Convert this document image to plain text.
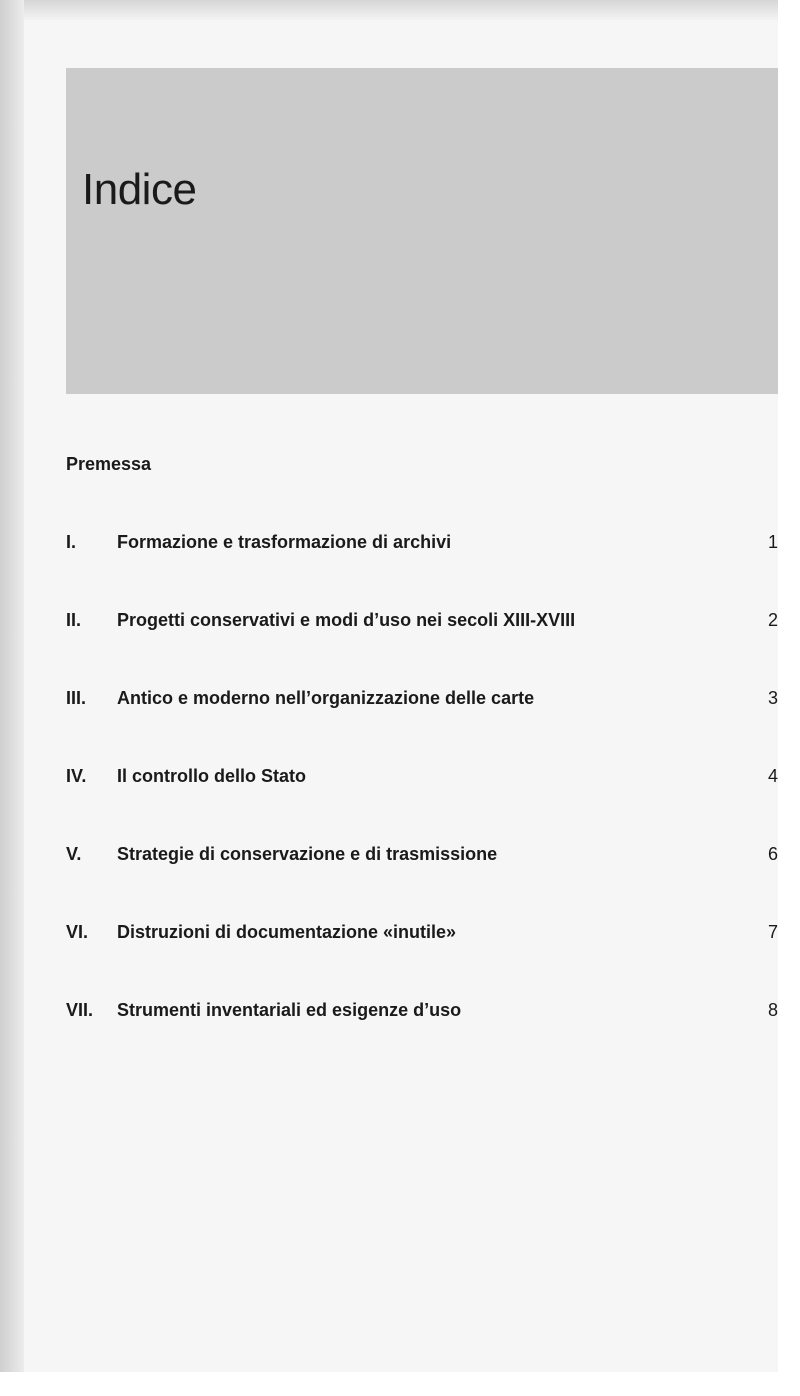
Indice
Premessa
I. Formazione e trasformazione di archivi	1
II. Progetti conservativi e modi d’uso nei secoli XIII-XVIII	2
III. Antico e moderno nell’organizzazione delle carte	3
IV. Il controllo dello Stato	4
V. Strategie di conservazione e di trasmissione	6
VI. Distruzioni di documentazione «inutile»	7
VII. Strumenti inventariali ed esigenze d’uso	8
